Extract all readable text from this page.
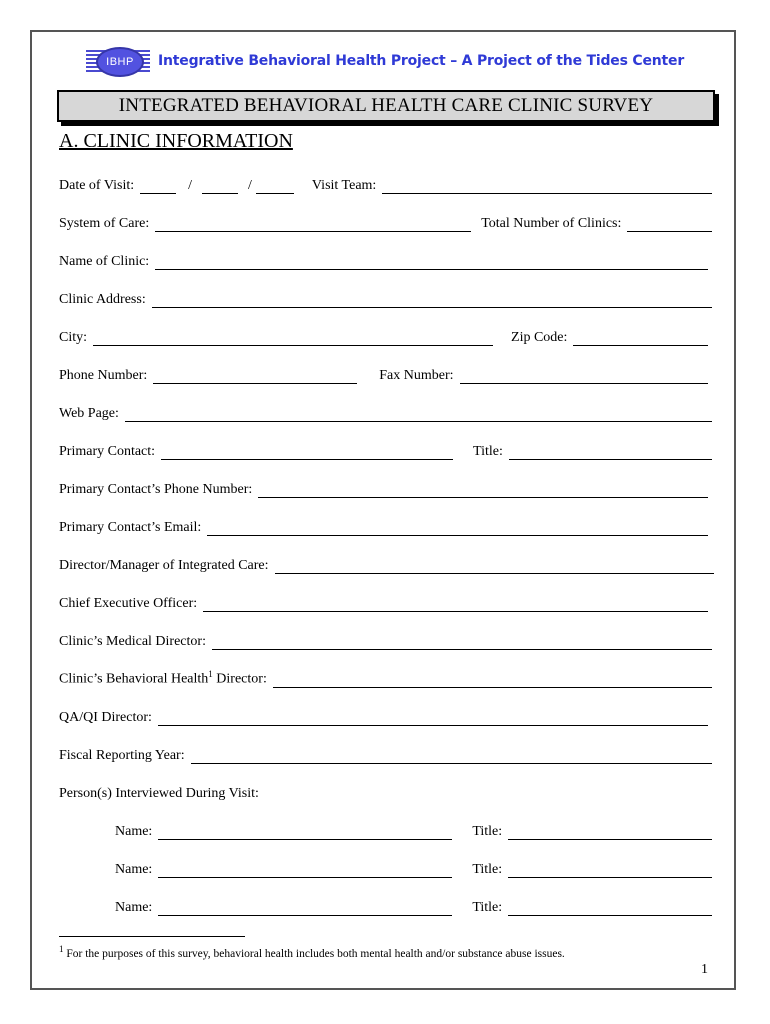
IBHP	Integrative Behavioral Health Project – A Project of the Tides Center
INTEGRATED BEHAVIORAL HEALTH CARE CLINIC SURVEY
A. CLINIC INFORMATION
Date of Visit:	/	/	Visit Team:
System of Care:	Total Number of Clinics:
Name of Clinic:
Clinic Address:
City:	Zip Code:
Phone Number:	Fax Number:
Web Page:
Primary Contact:	Title:
Primary Contact’s Phone Number:
Primary Contact’s Email:
Director/Manager of Integrated Care:
Chief Executive Officer:
Clinic’s Medical Director:
Clinic’s Behavioral Health$^1$ Director:
QA/QI Director:
Fiscal Reporting Year:
Person(s) Interviewed During Visit:
Name:	Title:
Name:	Title:
Name:	Title:
$^1$ For the purposes of this survey, behavioral health includes both mental health and/or substance abuse issues.
1
